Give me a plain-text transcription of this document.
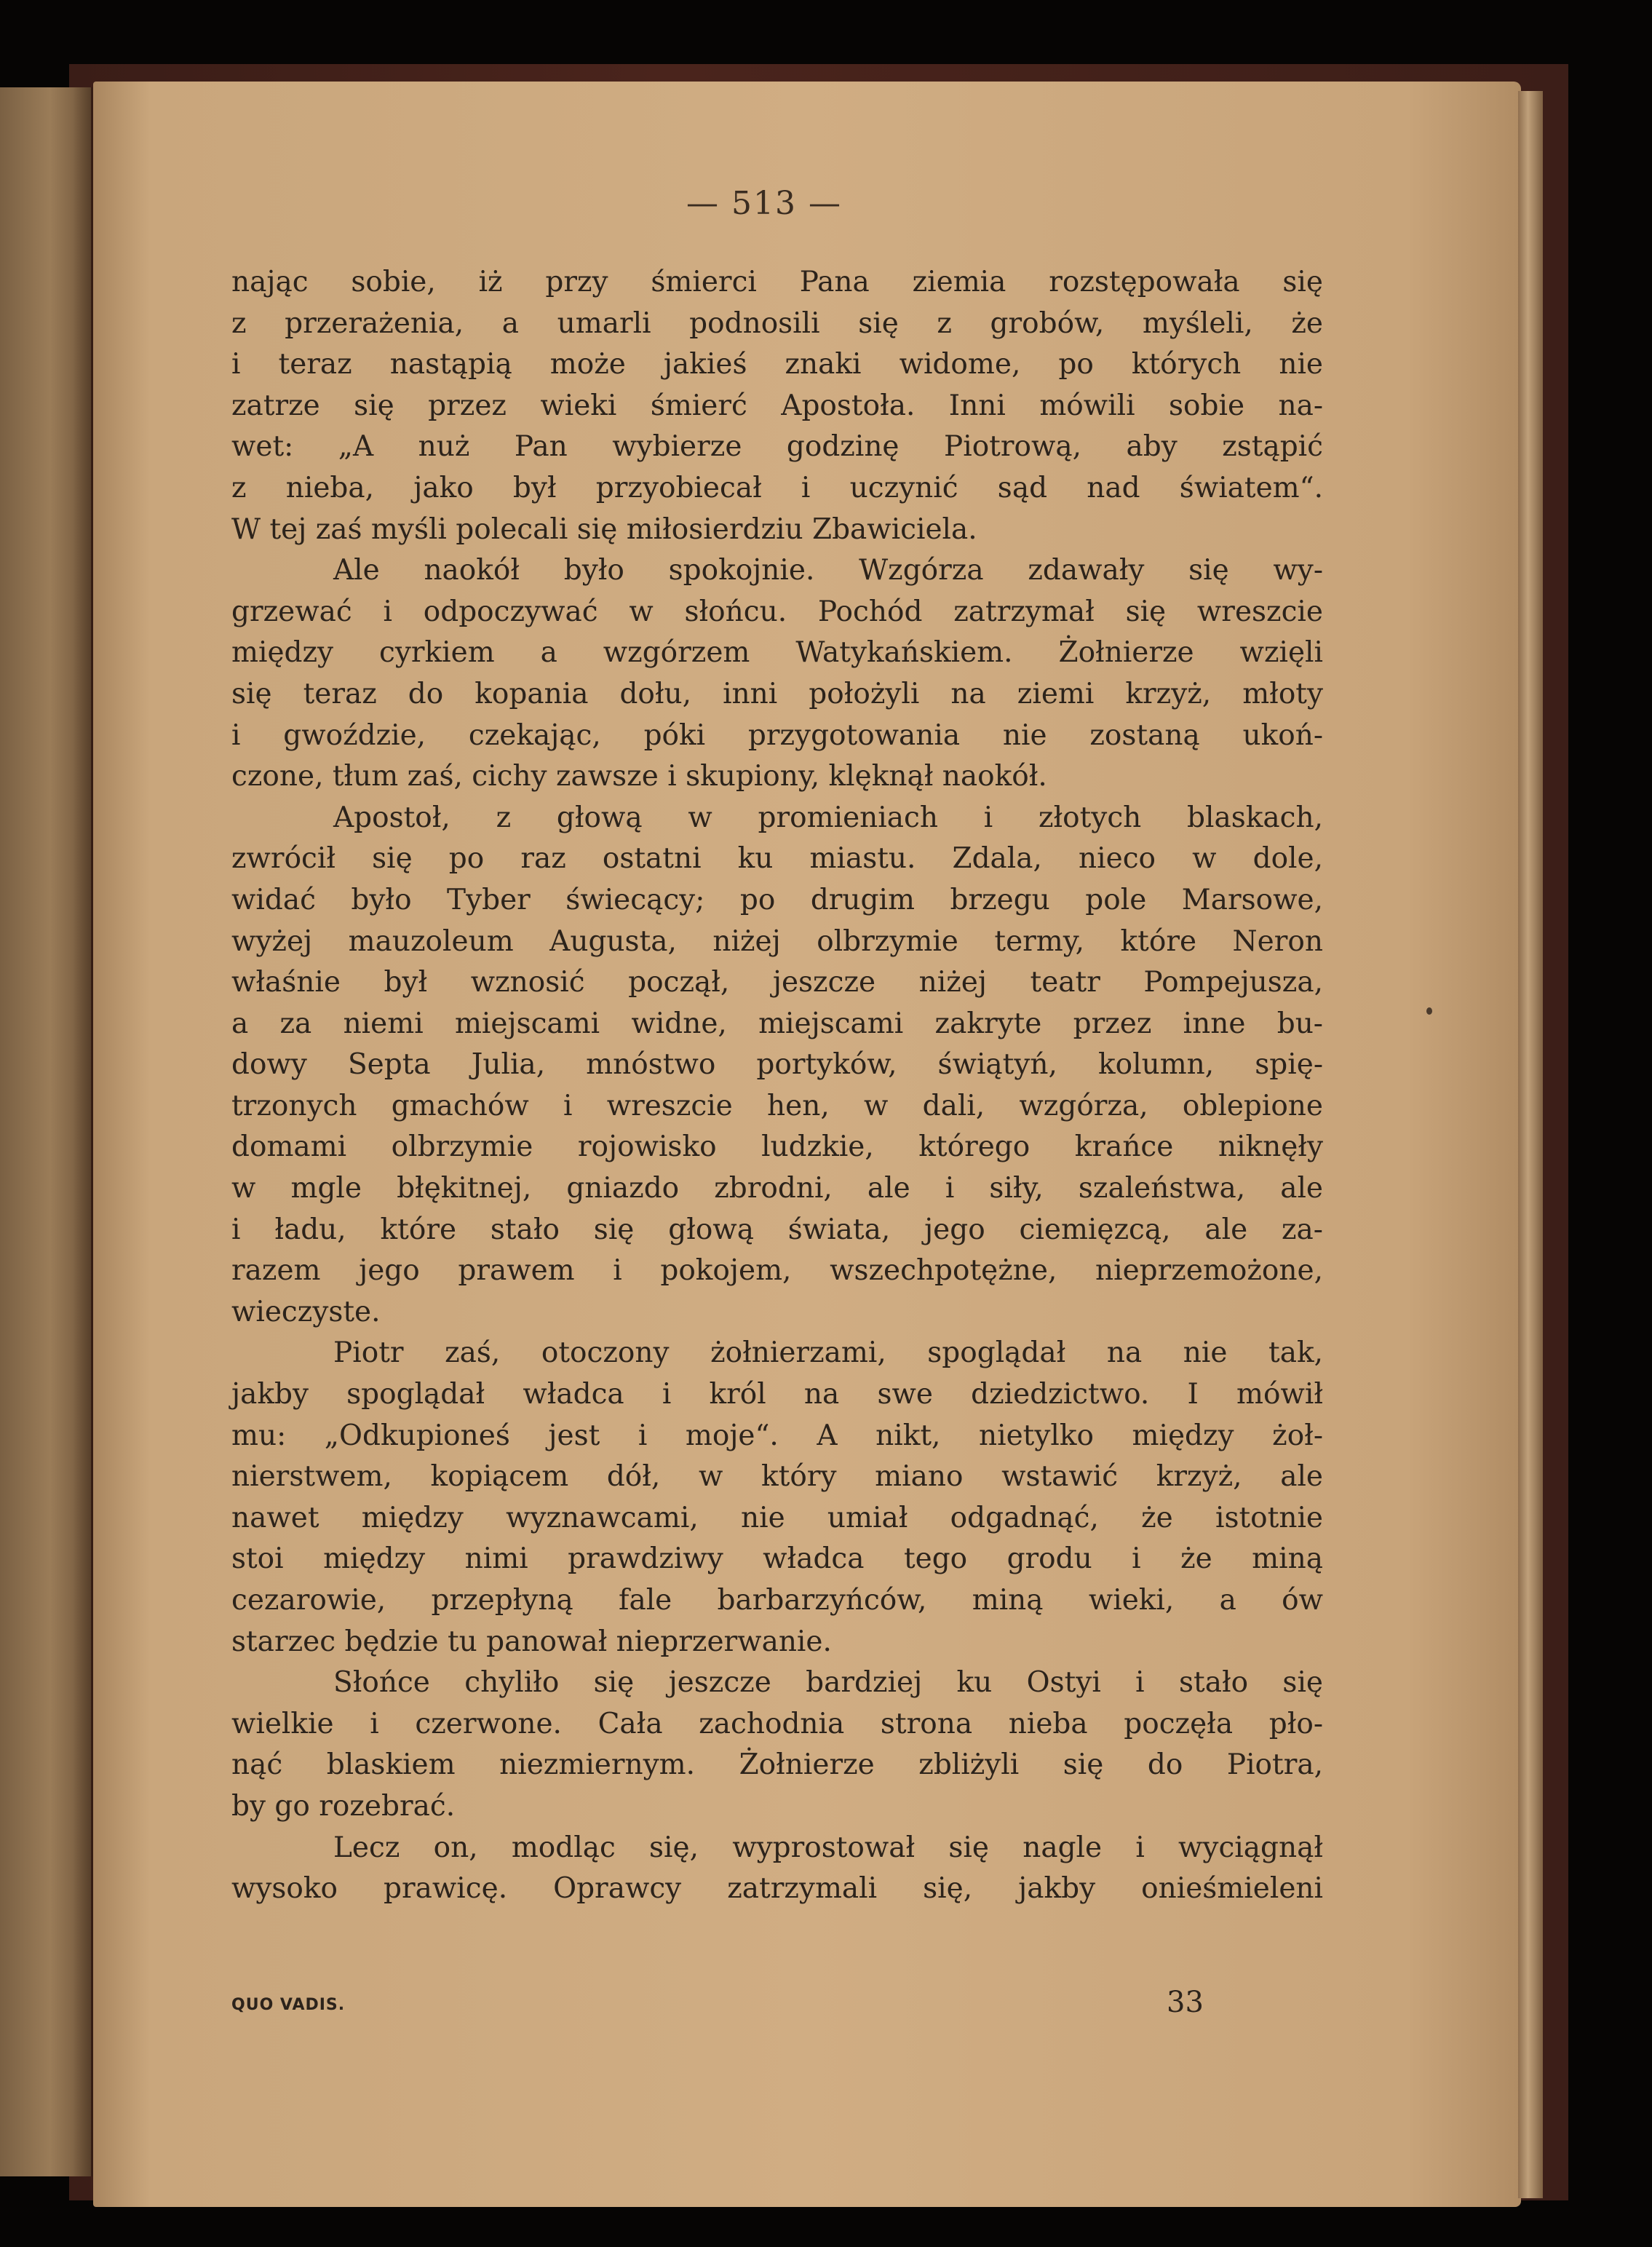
— 513 —
nając sobie, iż przy śmierci Pana ziemia rozstępowała się
z przerażenia, a umarli podnosili się z grobów, myśleli, że
i teraz nastąpią może jakieś znaki widome, po których nie
zatrze się przez wieki śmierć Apostoła. Inni mówili sobie na-
wet: „A nuż Pan wybierze godzinę Piotrową, aby zstąpić
z nieba, jako był przyobiecał i uczynić sąd nad światem“.
W tej zaś myśli polecali się miłosierdziu Zbawiciela.
Ale naokół było spokojnie. Wzgórza zdawały się wy-
grzewać i odpoczywać w słońcu. Pochód zatrzymał się wreszcie
między cyrkiem a wzgórzem Watykańskiem. Żołnierze wzięli
się teraz do kopania dołu, inni położyli na ziemi krzyż, młoty
i gwoździe, czekając, póki przygotowania nie zostaną ukoń-
czone, tłum zaś, cichy zawsze i skupiony, klęknął naokół.
Apostoł, z głową w promieniach i złotych blaskach,
zwrócił się po raz ostatni ku miastu. Zdala, nieco w dole,
widać było Tyber świecący; po drugim brzegu pole Marsowe,
wyżej mauzoleum Augusta, niżej olbrzymie termy, które Neron
właśnie był wznosić począł, jeszcze niżej teatr Pompejusza,
a za niemi miejscami widne, miejscami zakryte przez inne bu-
dowy Septa Julia, mnóstwo portyków, świątyń, kolumn, spię-
trzonych gmachów i wreszcie hen, w dali, wzgórza, oblepione
domami olbrzymie rojowisko ludzkie, którego krańce niknęły
w mgle błękitnej, gniazdo zbrodni, ale i siły, szaleństwa, ale
i ładu, które stało się głową świata, jego ciemięzcą, ale za-
razem jego prawem i pokojem, wszechpotężne, nieprzemożone,
wieczyste.
Piotr zaś, otoczony żołnierzami, spoglądał na nie tak,
jakby spoglądał władca i król na swe dziedzictwo. I mówił
mu: „Odkupioneś jest i moje“. A nikt, nietylko między żoł-
nierstwem, kopiącem dół, w który miano wstawić krzyż, ale
nawet między wyznawcami, nie umiał odgadnąć, że istotnie
stoi między nimi prawdziwy władca tego grodu i że miną
cezarowie, przepłyną fale barbarzyńców, miną wieki, a ów
starzec będzie tu panował nieprzerwanie.
Słońce chyliło się jeszcze bardziej ku Ostyi i stało się
wielkie i czerwone. Cała zachodnia strona nieba poczęła pło-
nąć blaskiem niezmiernym. Żołnierze zbliżyli się do Piotra,
by go rozebrać.
Lecz on, modląc się, wyprostował się nagle i wyciągnął
wysoko prawicę. Oprawcy zatrzymali się, jakby onieśmieleni
QUO VADIS.	33
